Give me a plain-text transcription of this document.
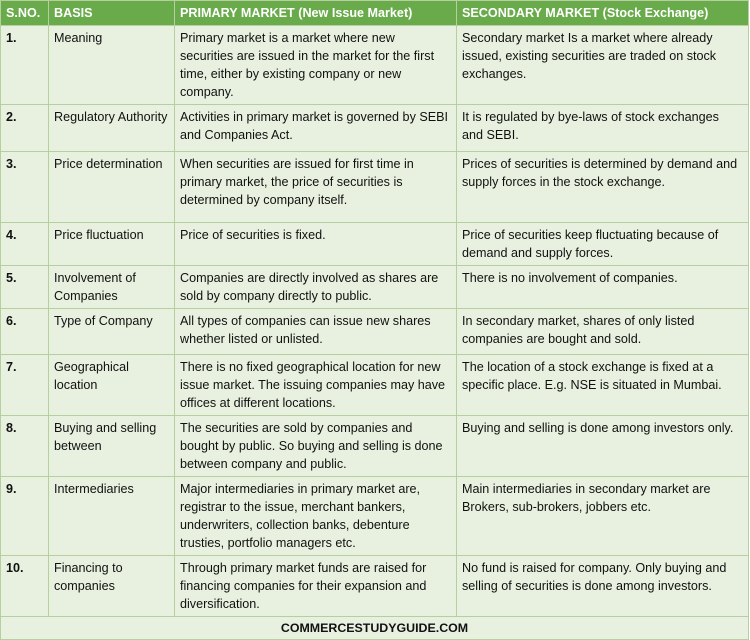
S.NO.	BASIS	PRIMARY MARKET (New Issue Market)	SECONDARY MARKET (Stock Exchange)
1.	Meaning	Primary market is a market where new securities are issued in the market for the first time, either by existing company or new company.	Secondary market Is a market where already issued, existing securities are traded on stock exchanges.
2.	Regulatory Authority	Activities in primary market is governed by SEBI and Companies Act.	It is regulated by bye-laws of stock exchanges and SEBI.
3.	Price determination	When securities are issued for first time in primary market, the price of securities is determined by company itself.	Prices of securities is determined by demand and supply forces in the stock exchange.
4.	Price fluctuation	Price of securities is fixed.	Price of securities keep fluctuating because of demand and supply forces.
5.	Involvement of Companies	Companies are directly involved as shares are sold by company directly to public.	There is no involvement of companies.
6.	Type of Company	All types of companies can issue new shares whether listed or unlisted.	In secondary market, shares of only listed companies are bought and sold.
7.	Geographical location	There is no fixed geographical location for new issue market. The issuing companies may have offices at different locations.	The location of a stock exchange is fixed at a specific place. E.g. NSE is situated in Mumbai.
8.	Buying and selling between	The securities are sold by companies and bought by public. So buying and selling is done between company and public.	Buying and selling is done among investors only.
9.	Intermediaries	Major intermediaries in primary market are, registrar to the issue, merchant bankers, underwriters, collection banks, debenture trusties, portfolio managers etc.	Main intermediaries in secondary market are Brokers, sub-brokers, jobbers etc.
10.	Financing to companies	Through primary market funds are raised for financing companies for their expansion and diversification.	No fund is raised for company. Only buying and selling of securities is done among investors.
COMMERCESTUDYGUIDE.COM			
